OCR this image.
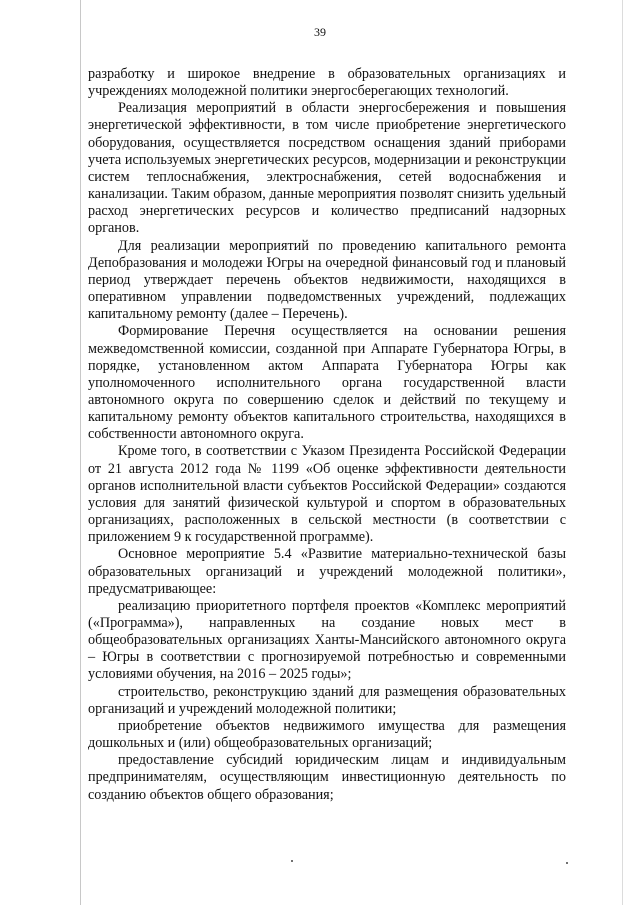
39

разработку и широкое внедрение в образовательных организациях и учреждениях молодежной политики энергосберегающих технологий.

Реализация мероприятий в области энергосбережения и повышения энергетической эффективности, в том числе приобретение энергетического оборудования, осуществляется посредством оснащения зданий приборами учета используемых энергетических ресурсов, модернизации и реконструкции систем теплоснабжения, электроснабжения, сетей водоснабжения и канализации. Таким образом, данные мероприятия позволят снизить удельный расход энергетических ресурсов и количество предписаний надзорных органов.

Для реализации мероприятий по проведению капитального ремонта Депобразования и молодежи Югры на очередной финансовый год и плановый период утверждает перечень объектов недвижимости, находящихся в оперативном управлении подведомственных учреждений, подлежащих капитальному ремонту (далее – Перечень).

Формирование Перечня осуществляется на основании решения межведомственной комиссии, созданной при Аппарате Губернатора Югры, в порядке, установленном актом Аппарата Губернатора Югры как уполномоченного исполнительного органа государственной власти автономного округа по совершению сделок и действий по текущему и капитальному ремонту объектов капитального строительства, находящихся в собственности автономного округа.

Кроме того, в соответствии с Указом Президента Российской Федерации от 21 августа 2012 года № 1199 «Об оценке эффективности деятельности органов исполнительной власти субъектов Российской Федерации» создаются условия для занятий физической культурой и спортом в образовательных организациях, расположенных в сельской местности (в соответствии с приложением 9 к государственной программе).

Основное мероприятие 5.4 «Развитие материально-технической базы образовательных организаций и учреждений молодежной политики», предусматривающее:

реализацию приоритетного портфеля проектов «Комплекс мероприятий («Программа»), направленных на создание новых мест в общеобразовательных организациях Ханты-Мансийского автономного округа – Югры в соответствии с прогнозируемой потребностью и современными условиями обучения, на 2016 – 2025 годы»;

строительство, реконструкцию зданий для размещения образовательных организаций и учреждений молодежной политики;

приобретение объектов недвижимого имущества для размещения дошкольных и (или) общеобразовательных организаций;

предоставление субсидий юридическим лицам и индивидуальным предпринимателям, осуществляющим инвестиционную деятельность по созданию объектов общего образования;
